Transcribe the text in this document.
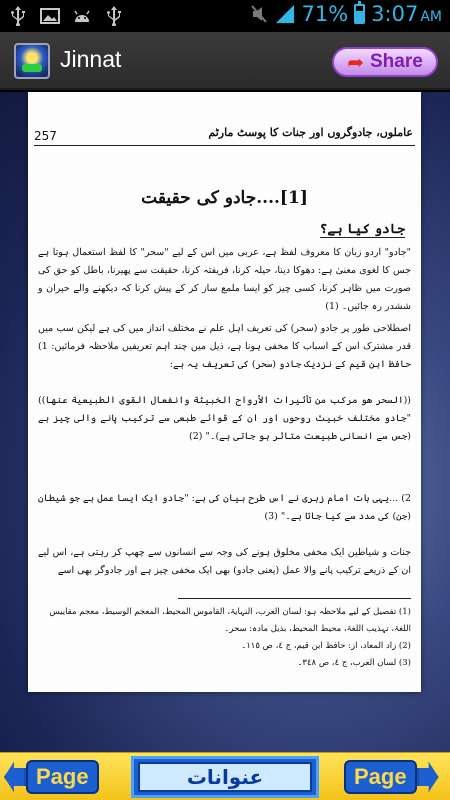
71% 3:07 AM
Jinnat	➦ Share
257	عاملوں، جادوگروں اور جنات کا پوسٹ مارٹم
[1]....جادو کی حقیقت
جادو کیا ہے؟
"جادو" اردو زبان کا معروف لفظ ہے، عربی میں اس کے لیے "سحر" کا لفظ استعمال ہوتا ہے جس کا لغوی معنیٰ ہے: دھوکا دینا، حیلہ کرنا، فریفتہ کرنا، حقیقت سے پھیرنا، باطل کو حق کی صورت میں ظاہر کرنا، کسی چیز کو ایسا ملمع ساز کر کے پیش کرنا کہ دیکھنے والے حیران و ششدر رہ جائیں۔ (1)
اصطلاحی طور پر جادو (سحر) کی تعریف اہل علم نے مختلف انداز میں کی ہے لیکن سب میں قدر مشترک اس کے اسباب کا مخفی ہونا ہے، ذیل میں چند اہم تعریفیں ملاحظہ فرمائیں: 1) حافظ ابن قیم کے نزدیک جادو (سحر) کی تعریف یہ ہے:
((السحر هو مركب من تأثيرات الأرواح الخبيثة وانفعال القوى الطبيعية عنها)) "جادو مختلف خبیث روحوں اور ان کے قوائے طبعی سے ترکیب پانے والی چیز ہے (جس سے انسانی طبیعت متاثر ہو جاتی ہے)۔" (2)
2) ...یہی بات امام زہری نے اس طرح بیان کی ہے: "جادو ایک ایسا عمل ہے جو شیطان (جن) کی مدد سے کیا جاتا ہے۔" (3)
جنات و شیاطین ایک مخفی مخلوق ہونے کی وجہ سے انسانوں سے چھپ کر رہتی ہے، اس لیے ان کے ذریعے ترکیب پانے والا عمل (یعنی جادو) بھی ایک مخفی چیز ہے اور جادوگر بھی اسے
(1) تفصیل کے لیے ملاحظہ ہو: لسان العرب، النہایۃ، القاموس المحیط، المعجم الوسیط، معجم مقاییس اللغۃ، تہذیب اللغۃ، محیط المحیط، بذیل مادہ: سحر۔
(2) زاد المعاد، از: حافظ ابن قیم، ج ٤، ص ١١٥۔
(3) لسان العرب، ج ٤، ص ٣٤٨۔
Page	عنوانات	Page
